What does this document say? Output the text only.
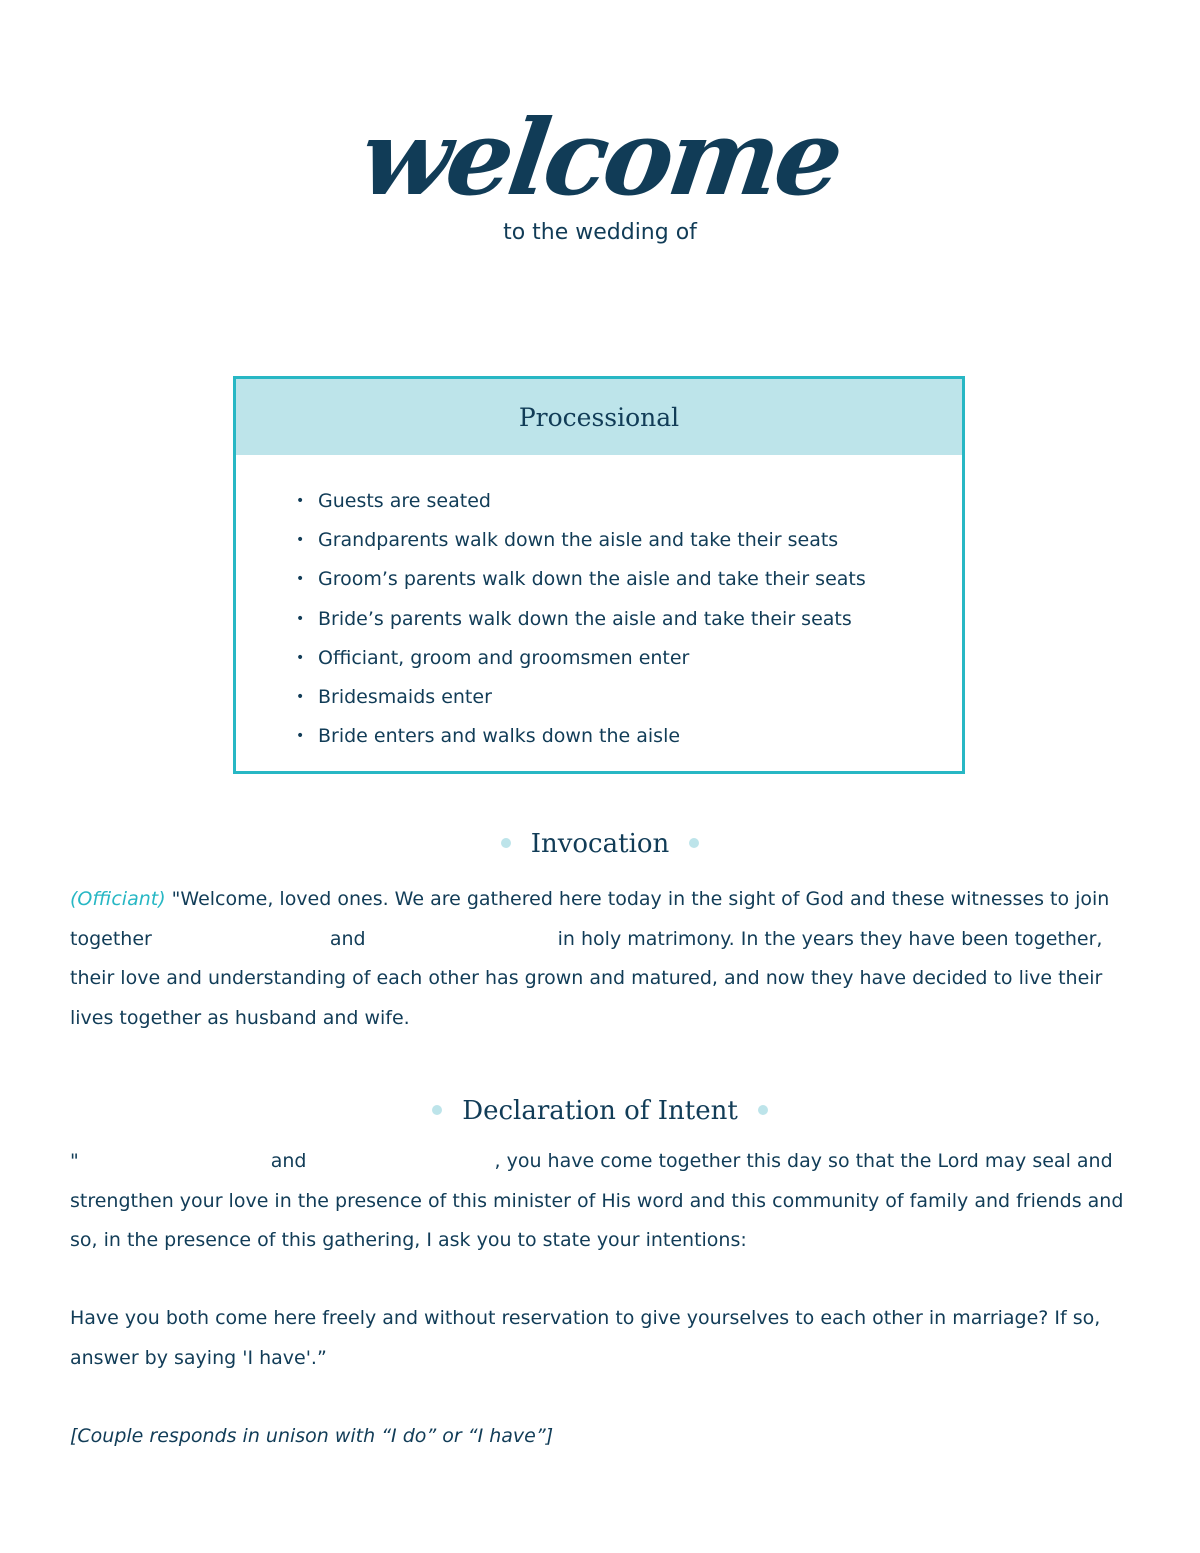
welcome
to the wedding of
Processional
• Guests are seated
• Grandparents walk down the aisle and take their seats
• Groom’s parents walk down the aisle and take their seats
• Bride’s parents walk down the aisle and take their seats
• Officiant, groom and groomsmen enter
• Bridesmaids enter
• Bride enters and walks down the aisle
Invocation
(Officiant) "Welcome, loved ones. We are gathered here today in the sight of God and these witnesses to join together	and	in holy matrimony. In the years they have been together, their love and understanding of each other has grown and matured, and now they have decided to live their lives together as husband and wife.
Declaration of Intent
"	and	, you have come together this day so that the Lord may seal and strengthen your love in the presence of this minister of His word and this community of family and friends and so, in the presence of this gathering, I ask you to state your intentions:
Have you both come here freely and without reservation to give yourselves to each other in marriage? If so, answer by saying 'I have'.”
[Couple responds in unison with “I do” or “I have”]
